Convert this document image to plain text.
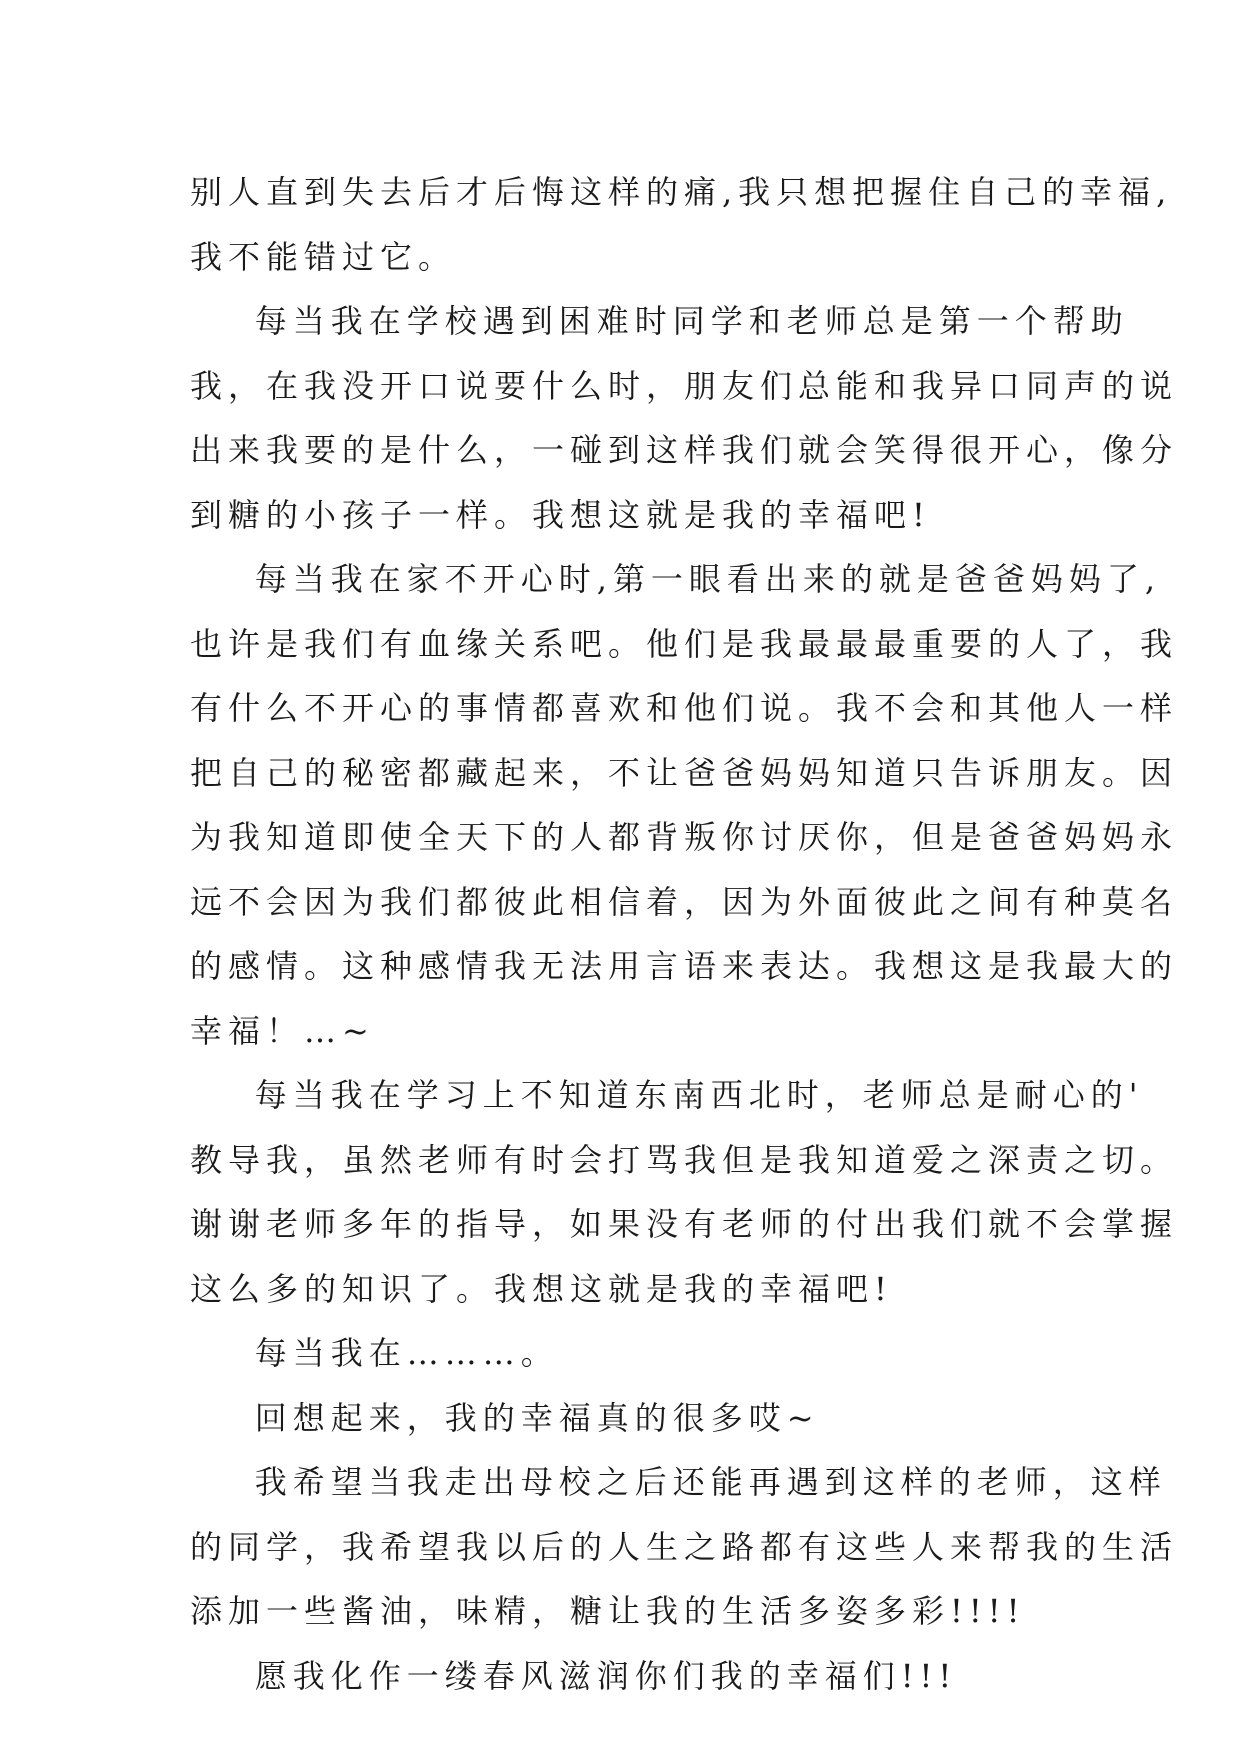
别人直到失去后才后悔这样的痛,我只想把握住自己的幸福,

我不能错过它。

每当我在学校遇到困难时同学和老师总是第一个帮助

我，在我没开口说要什么时，朋友们总能和我异口同声的说

出来我要的是什么，一碰到这样我们就会笑得很开心，像分

到糖的小孩子一样。我想这就是我的幸福吧!

每当我在家不开心时,第一眼看出来的就是爸爸妈妈了,

也许是我们有血缘关系吧。他们是我最最最重要的人了，我

有什么不开心的事情都喜欢和他们说。我不会和其他人一样

把自己的秘密都藏起来，不让爸爸妈妈知道只告诉朋友。因

为我知道即使全天下的人都背叛你讨厌你，但是爸爸妈妈永

远不会因为我们都彼此相信着，因为外面彼此之间有种莫名

的感情。这种感情我无法用言语来表达。我想这是我最大的

幸福！…~

每当我在学习上不知道东南西北时，老师总是耐心的'

教导我，虽然老师有时会打骂我但是我知道爱之深责之切。

谢谢老师多年的指导，如果没有老师的付出我们就不会掌握

这么多的知识了。我想这就是我的幸福吧!

每当我在………。

回想起来，我的幸福真的很多哎~

我希望当我走出母校之后还能再遇到这样的老师，这样

的同学，我希望我以后的人生之路都有这些人来帮我的生活

添加一些酱油，味精，糖让我的生活多姿多彩!!!!

愿我化作一缕春风滋润你们我的幸福们!!!
